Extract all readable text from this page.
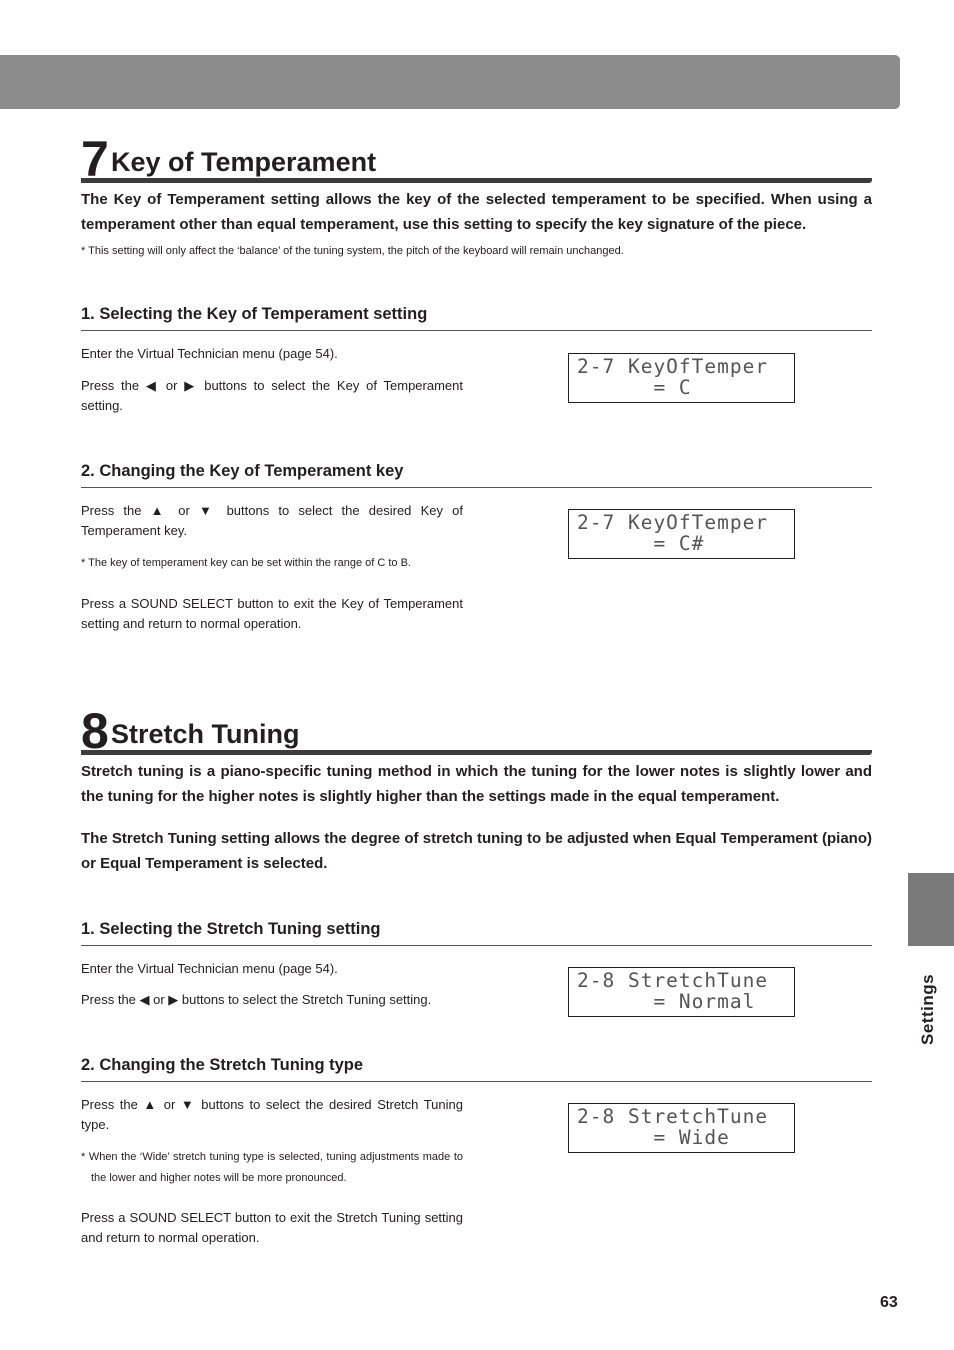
7 Key of Temperament

The Key of Temperament setting allows the key of the selected temperament to be specified. When using a temperament other than equal temperament, use this setting to specify the key signature of the piece.

* This setting will only affect the ‘balance’ of the tuning system, the pitch of the keyboard will remain unchanged.

1. Selecting the Key of Temperament setting

Enter the Virtual Technician menu (page 54).

Press the ◀ or ▶ buttons to select the Key of Temperament setting.

2-7 KeyOfTemper
= C
2. Changing the Key of Temperament key

Press the ▲ or ▼ buttons to select the desired Key of Temperament key.

* The key of temperament key can be set within the range of C to B.

Press a SOUND SELECT button to exit the Key of Temperament setting and return to normal operation.

2-7 KeyOfTemper
= C#
8 Stretch Tuning

Stretch tuning is a piano-specific tuning method in which the tuning for the lower notes is slightly lower and the tuning for the higher notes is slightly higher than the settings made in the equal temperament.

The Stretch Tuning setting allows the degree of stretch tuning to be adjusted when Equal Temperament (piano) or Equal Temperament is selected.

1. Selecting the Stretch Tuning setting

Enter the Virtual Technician menu (page 54).

Press the ◀ or ▶ buttons to select the Stretch Tuning setting.

2-8 StretchTune
= Normal
2. Changing the Stretch Tuning type

Press the ▲ or ▼ buttons to select the desired Stretch Tuning type.

* When the ‘Wide’ stretch tuning type is selected, tuning adjustments made to the lower and higher notes will be more pronounced.

Press a SOUND SELECT button to exit the Stretch Tuning setting and return to normal operation.

2-8 StretchTune
= Wide
Settings
63
